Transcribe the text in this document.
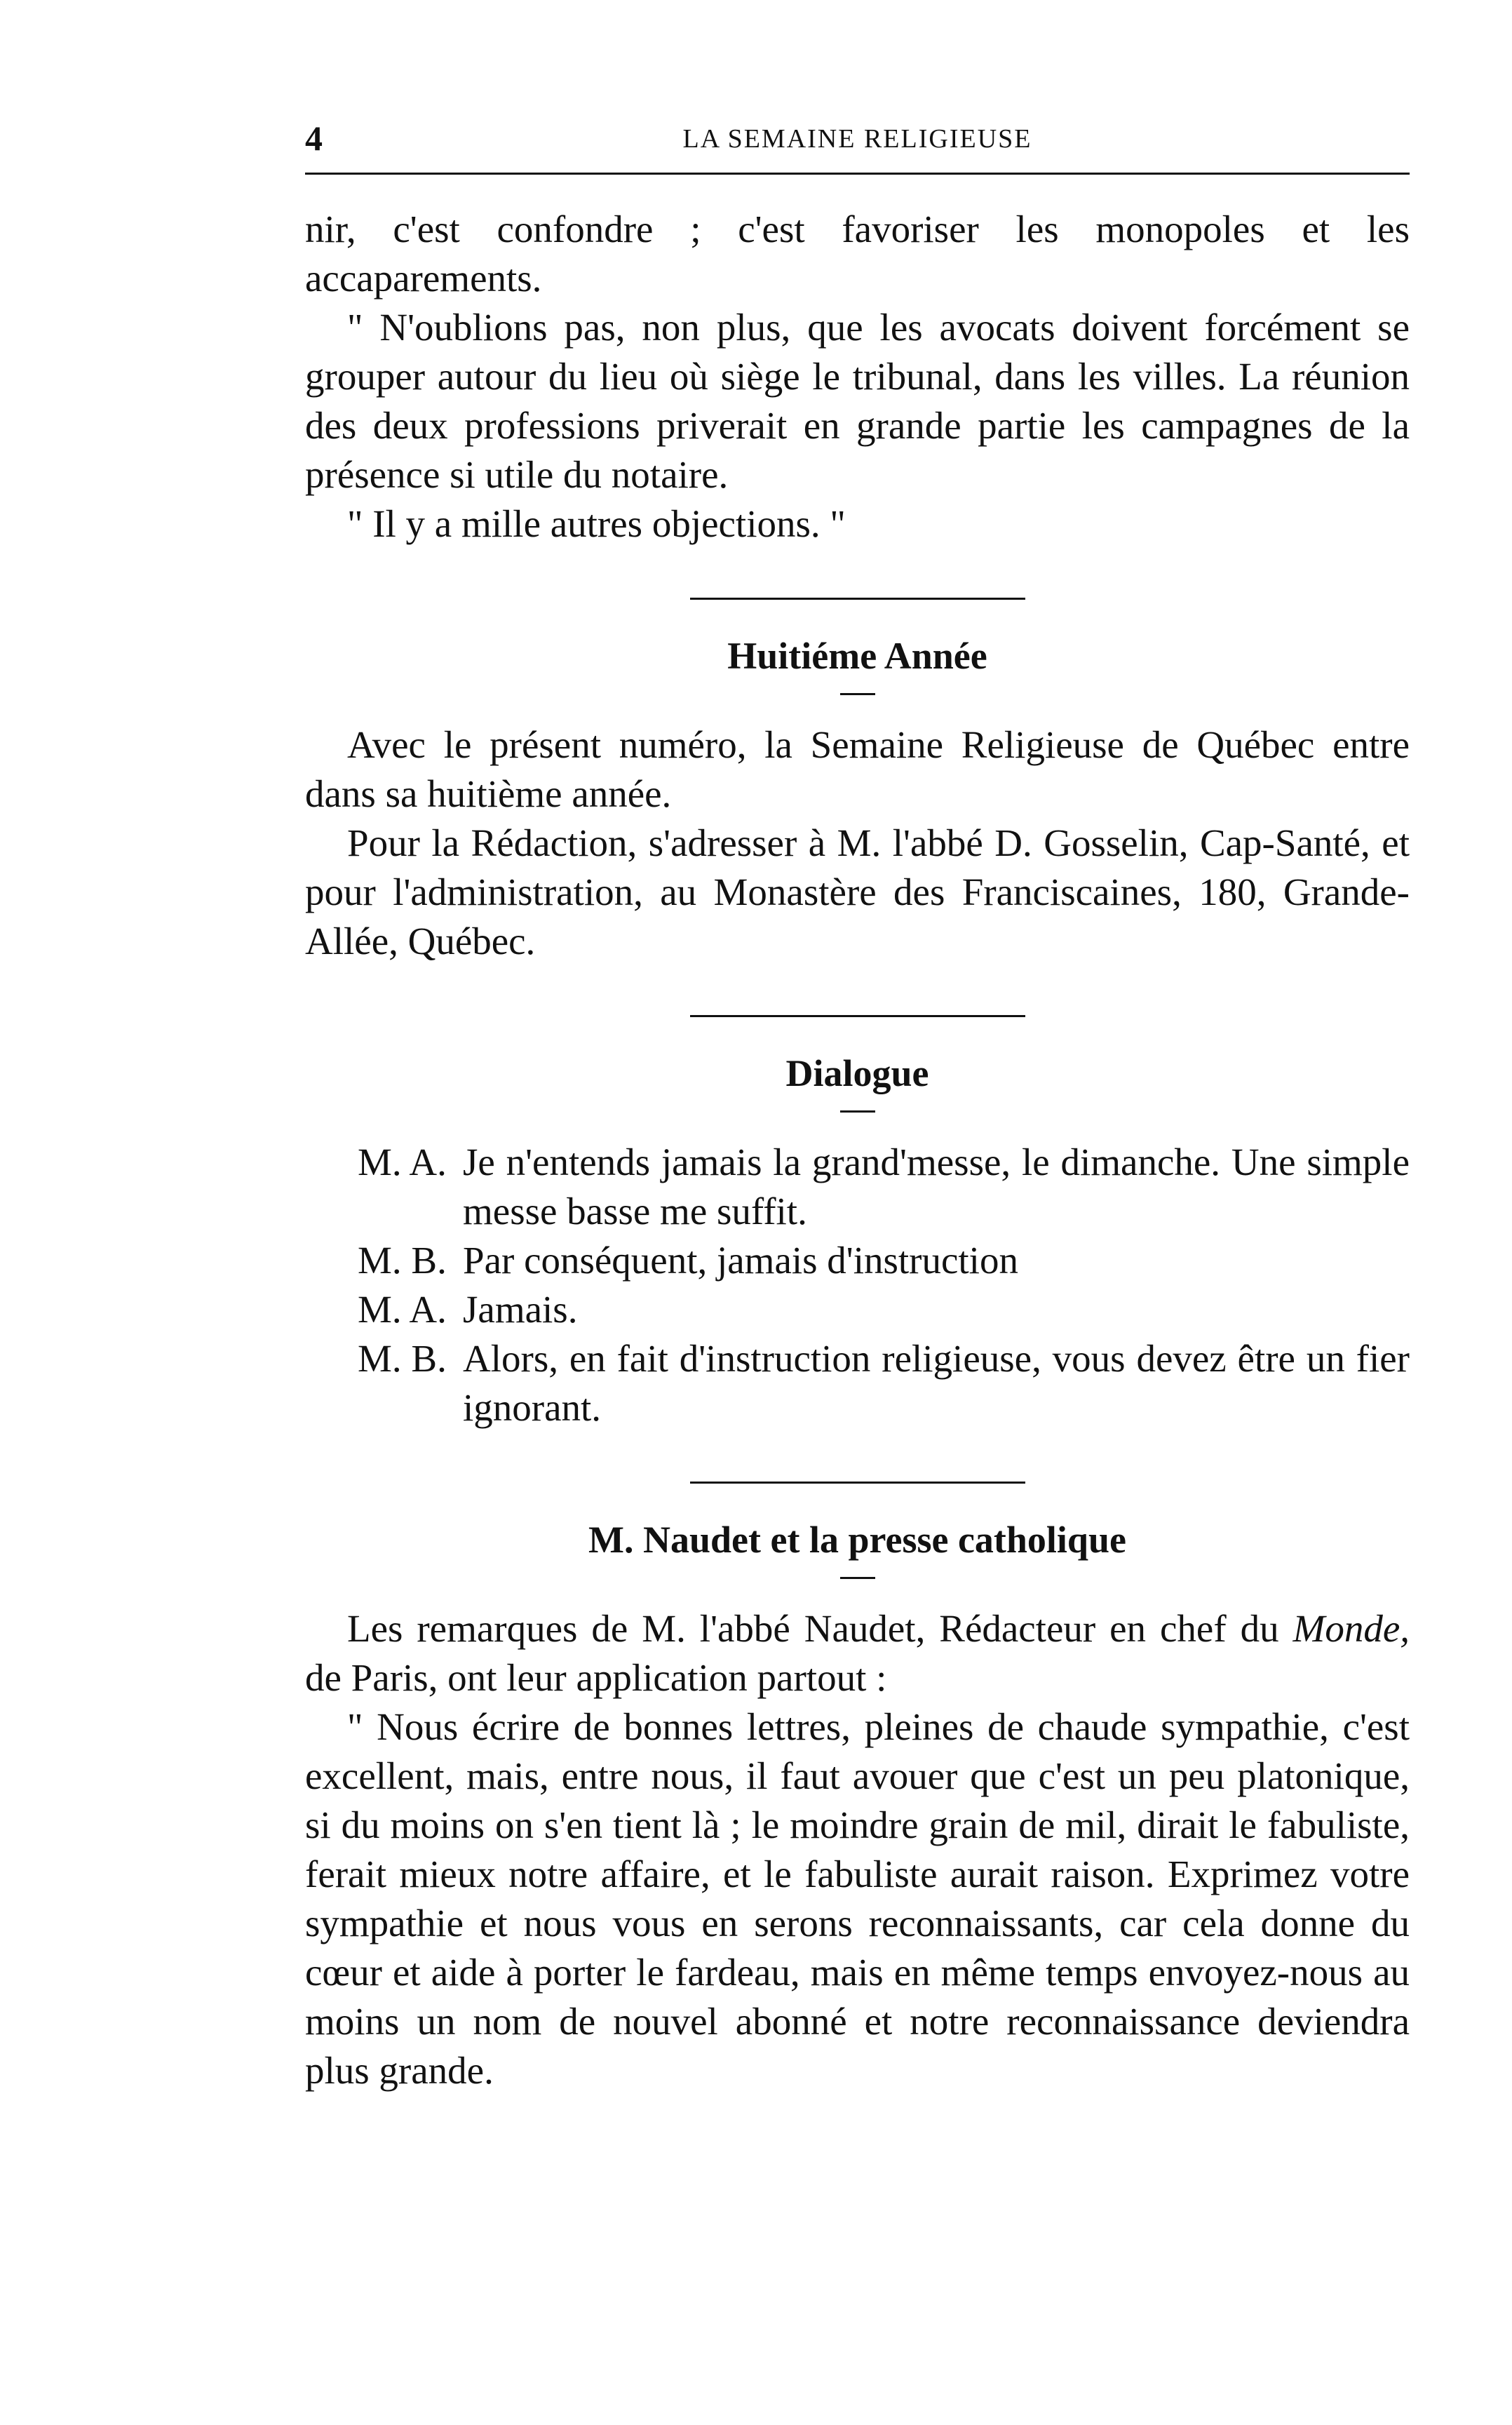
4	LA SEMAINE RELIGIEUSE

nir, c'est confondre ; c'est favoriser les monopoles et les accaparements.

" N'oublions pas, non plus, que les avocats doivent forcément se grouper autour du lieu où siège le tribunal, dans les villes. La réunion des deux professions priverait en grande partie les campagnes de la présence si utile du notaire.

" Il y a mille autres objections. "

Huitiéme Année

Avec le présent numéro, la Semaine Religieuse de Québec entre dans sa huitième année.

Pour la Rédaction, s'adresser à M. l'abbé D. Gosselin, Cap-Santé, et pour l'administration, au Monastère des Franciscaines, 180, Grande-Allée, Québec.

Dialogue
M. A. Je n'entends jamais la grand'messe, le dimanche. Une simple messe basse me suffit.
M. B. Par conséquent, jamais d'instruction
M. A. Jamais.
M. B. Alors, en fait d'instruction religieuse, vous devez être un fier ignorant.
M. Naudet et la presse catholique

Les remarques de M. l'abbé Naudet, Rédacteur en chef du Monde, de Paris, ont leur application partout :

" Nous écrire de bonnes lettres, pleines de chaude sympathie, c'est excellent, mais, entre nous, il faut avouer que c'est un peu platonique, si du moins on s'en tient là ; le moindre grain de mil, dirait le fabuliste, ferait mieux notre affaire, et le fabuliste aurait raison. Exprimez votre sympathie et nous vous en serons reconnaissants, car cela donne du cœur et aide à porter le fardeau, mais en même temps envoyez-nous au moins un nom de nouvel abonné et notre reconnaissance deviendra plus grande.
